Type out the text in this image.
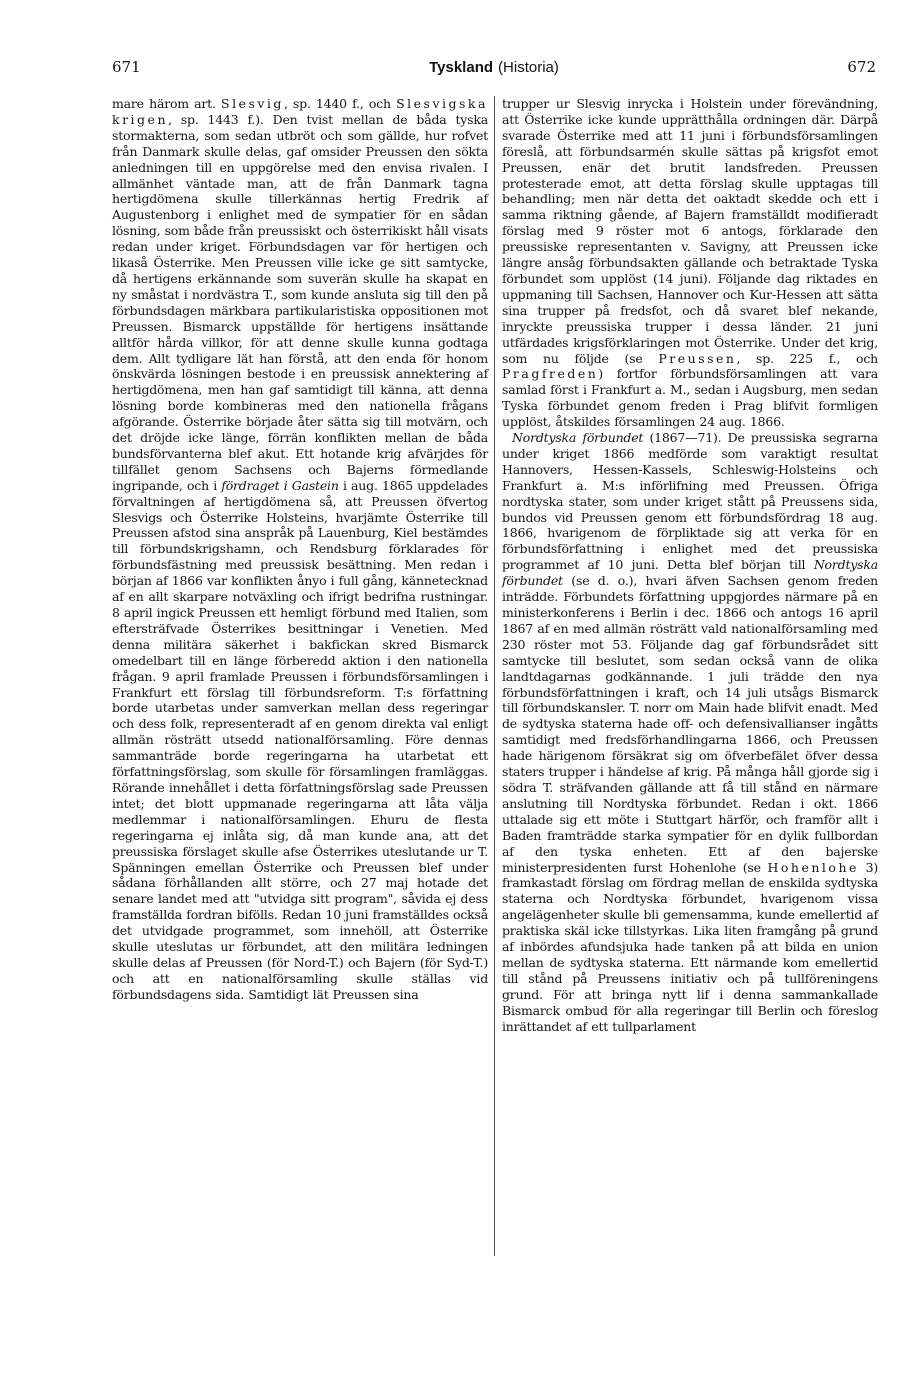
671	Tyskland (Historia)	672

mare härom art. Slesvig, sp. 1440 f., och Slesvigska krigen, sp. 1443 f.). Den tvist mellan de båda tyska stormakterna, som sedan utbröt och som gällde, hur rofvet från Danmark skulle delas, gaf omsider Preussen den sökta anledningen till en uppgörelse med den envisa rivalen. I allmänhet väntade man, att de från Danmark tagna hertigdömena skulle tillerkännas hertig Fredrik af Augustenborg i enlighet med de sympatier för en sådan lösning, som både från preussiskt och österrikiskt håll visats redan under kriget. Förbundsdagen var för hertigen och likaså Österrike. Men Preussen ville icke ge sitt samtycke, då hertigens erkännande som suverän skulle ha skapat en ny småstat i nordvästra T., som kunde ansluta sig till den på förbundsdagen märkbara partikularistiska oppositionen mot Preussen. Bismarck uppställde för hertigens insättande alltför hårda villkor, för att denne skulle kunna godtaga dem. Allt tydligare lät han förstå, att den enda för honom önskvärda lösningen bestode i en preussisk annektering af hertigdömena, men han gaf samtidigt till känna, att denna lösning borde kombineras med den nationella frågans afgörande. Österrike började åter sätta sig till motvärn, och det dröjde icke länge, förrän konflikten mellan de båda bundsförvanterna blef akut. Ett hotande krig afvärjdes för tillfället genom Sachsens och Bajerns förmedlande ingripande, och i fördraget i Gastein i aug. 1865 uppdelades förvaltningen af hertigdömena så, att Preussen öfvertog Slesvigs och Österrike Holsteins, hvarjämte Österrike till Preussen afstod sina anspråk på Lauenburg, Kiel bestämdes till förbundskrigshamn, och Rendsburg förklarades för förbundsfästning med preussisk besättning. Men redan i början af 1866 var konflikten ånyo i full gång, kännetecknad af en allt skarpare notväxling och ifrigt bedrifna rustningar. 8 april ingick Preussen ett hemligt förbund med Italien, som eftersträfvade Österrikes besittningar i Venetien. Med denna militära säkerhet i bakfickan skred Bismarck omedelbart till en länge förberedd aktion i den nationella frågan. 9 april framlade Preussen i förbundsförsamlingen i Frankfurt ett förslag till förbundsreform. T:s författning borde utarbetas under samverkan mellan dess regeringar och dess folk, representeradt af en genom direkta val enligt allmän rösträtt utsedd nationalförsamling. Före dennas sammanträde borde regeringarna ha utarbetat ett författningsförslag, som skulle för församlingen framläggas. Rörande innehållet i detta författningsförslag sade Preussen intet; det blott uppmanade regeringarna att låta välja medlemmar i nationalförsamlingen. Ehuru de flesta regeringarna ej inlåta sig, då man kunde ana, att det preussiska förslaget skulle afse Österrikes uteslutande ur T. Spänningen emellan Österrike och Preussen blef under sådana förhållanden allt större, och 27 maj hotade det senare landet med att "utvidga sitt program", såvida ej dess framställda fordran bifölls. Redan 10 juni framställdes också det utvidgade programmet, som innehöll, att Österrike skulle uteslutas ur förbundet, att den militära ledningen skulle delas af Preussen (för Nord-T.) och Bajern (för Syd-T.) och att en nationalförsamling skulle ställas vid förbundsdagens sida. Samtidigt lät Preussen sina

trupper ur Slesvig inrycka i Holstein under förevändning, att Österrike icke kunde upprätthålla ordningen där. Därpå svarade Österrike med att 11 juni i förbundsförsamlingen föreslå, att förbundsarmén skulle sättas på krigsfot emot Preussen, enär det brutit landsfreden. Preussen protesterade emot, att detta förslag skulle upptagas till behandling; men när detta det oaktadt skedde och ett i samma riktning gående, af Bajern framställdt modifieradt förslag med 9 röster mot 6 antogs, förklarade den preussiske representanten v. Savigny, att Preussen icke längre ansåg förbundsakten gällande och betraktade Tyska förbundet som upplöst (14 juni). Följande dag riktades en uppmaning till Sachsen, Hannover och Kur-Hessen att sätta sina trupper på fredsfot, och då svaret blef nekande, inryckte preussiska trupper i dessa länder. 21 juni utfärdades krigsförklaringen mot Österrike. Under det krig, som nu följde (se Preussen, sp. 225 f., och Pragfreden) fortfor förbundsförsamlingen att vara samlad först i Frankfurt a. M., sedan i Augsburg, men sedan Tyska förbundet genom freden i Prag blifvit formligen upplöst, åtskildes församlingen 24 aug. 1866.

Nordtyska förbundet (1867—71). De preussiska segrarna under kriget 1866 medförde som varaktigt resultat Hannovers, Hessen-Kassels, Schleswig-Holsteins och Frankfurt a. M:s införlifning med Preussen. Öfriga nordtyska stater, som under kriget stått på Preussens sida, bundos vid Preussen genom ett förbundsfördrag 18 aug. 1866, hvarigenom de förpliktade sig att verka för en förbundsförfattning i enlighet med det preussiska programmet af 10 juni. Detta blef början till Nordtyska förbundet (se d. o.), hvari äfven Sachsen genom freden inträdde. Förbundets författning uppgjordes närmare på en ministerkonferens i Berlin i dec. 1866 och antogs 16 april 1867 af en med allmän rösträtt vald nationalförsamling med 230 röster mot 53. Följande dag gaf förbundsrådet sitt samtycke till beslutet, som sedan också vann de olika landtdagarnas godkännande. 1 juli trädde den nya förbundsförfattningen i kraft, och 14 juli utsågs Bismarck till förbundskansler. T. norr om Main hade blifvit enadt. Med de sydtyska staterna hade off- och defensivallianser ingåtts samtidigt med fredsförhandlingarna 1866, och Preussen hade härigenom försäkrat sig om öfverbefälet öfver dessa staters trupper i händelse af krig. På många håll gjorde sig i södra T. sträfvanden gällande att få till stånd en närmare anslutning till Nordtyska förbundet. Redan i okt. 1866 uttalade sig ett möte i Stuttgart härför, och framför allt i Baden framträdde starka sympatier för en dylik fullbordan af den tyska enheten. Ett af den bajerske ministerpresidenten furst Hohenlohe (se Hohenlohe 3) framkastadt förslag om fördrag mellan de enskilda sydtyska staterna och Nordtyska förbundet, hvarigenom vissa angelägenheter skulle bli gemensamma, kunde emellertid af praktiska skäl icke tillstyrkas. Lika liten framgång på grund af inbördes afundsjuka hade tanken på att bilda en union mellan de sydtyska staterna. Ett närmande kom emellertid till stånd på Preussens initiativ och på tullföreningens grund. För att bringa nytt lif i denna sammankallade Bismarck ombud för alla regeringar till Berlin och föreslog inrättandet af ett tullparlament
